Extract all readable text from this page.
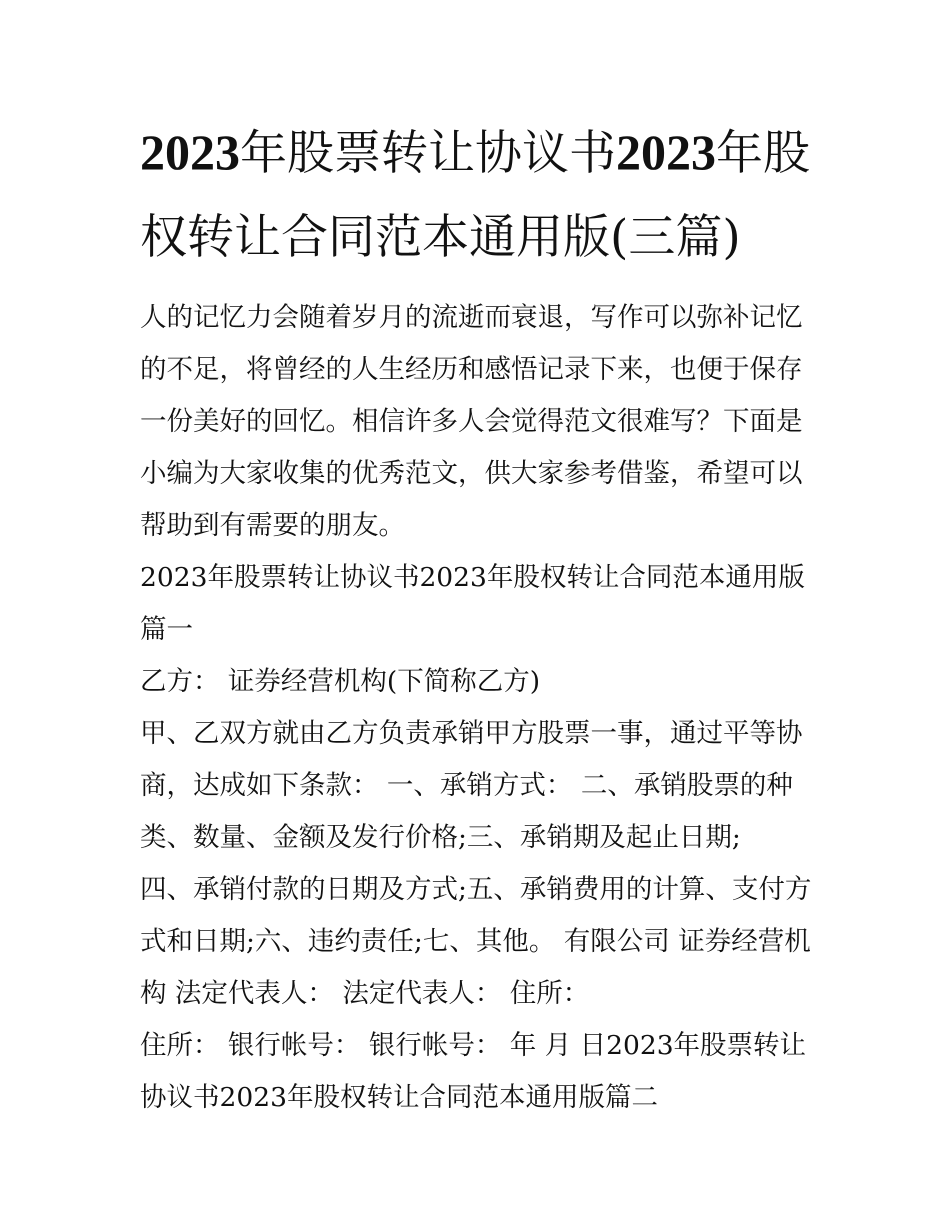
2023年股票转让协议书2023年股权转让合同范本通用版(三篇)

人的记忆力会随着岁月的流逝而衰退，写作可以弥补记忆的不足，将曾经的人生经历和感悟记录下来，也便于保存一份美好的回忆。相信许多人会觉得范文很难写？下面是小编为大家收集的优秀范文，供大家参考借鉴，希望可以帮助到有需要的朋友。

2023年股票转让协议书2023年股权转让合同范本通用版篇一

乙方： 证券经营机构(下简称乙方)

甲、乙双方就由乙方负责承销甲方股票一事，通过平等协商，达成如下条款： 一、承销方式： 二、承销股票的种类、数量、金额及发行价格;三、承销期及起止日期;

四、承销付款的日期及方式;五、承销费用的计算、支付方式和日期;六、违约责任;七、其他。 有限公司 证券经营机构 法定代表人： 法定代表人： 住所：

住所： 银行帐号： 银行帐号： 年 月 日2023年股票转让协议书2023年股权转让合同范本通用版篇二
